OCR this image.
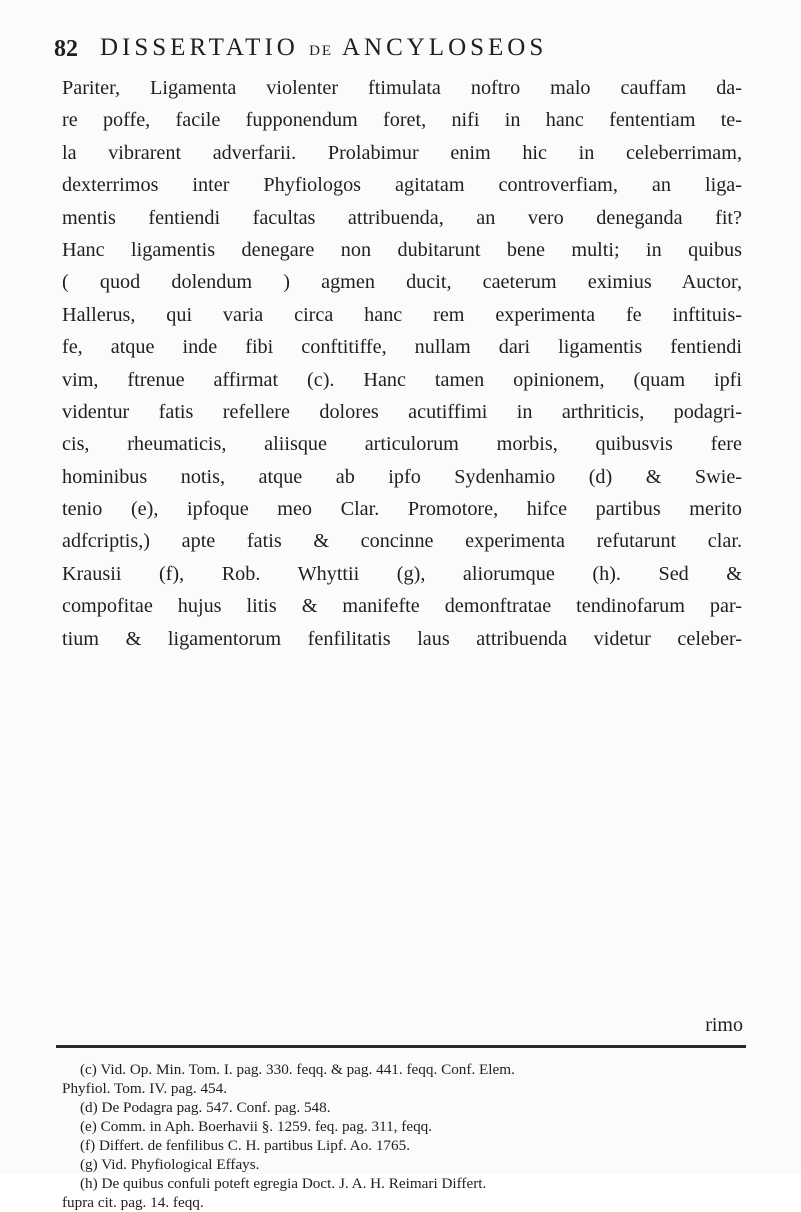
82 DISSERTATIO DE ANCYLOSEOS
Pariter, Ligamenta violenter ftimulata noftro malo cauffam da-
re poffe, facile fupponendum foret, nifi in hanc fententiam te-
la vibrarent adverfarii. Prolabimur enim hic in celeberrimam,
dexterrimos inter Phyfiologos agitatam controverfiam, an liga-
mentis fentiendi facultas attribuenda, an vero deneganda fit?
Hanc ligamentis denegare non dubitarunt bene multi; in quibus
( quod dolendum ) agmen ducit, caeterum eximius Auctor,
Hallerus, qui varia circa hanc rem experimenta fe inftituis-
fe, atque inde fibi conftitiffe, nullam dari ligamentis fentiendi
vim, ftrenue affirmat (c). Hanc tamen opinionem, (quam ipfi
videntur fatis refellere dolores acutiffimi in arthriticis, podagri-
cis, rheumaticis, aliisque articulorum morbis, quibusvis fere
hominibus notis, atque ab ipfo Sydenhamio (d) & Swie-
tenio (e), ipfoque meo Clar. Promotore, hifce partibus merito
adfcriptis,) apte fatis & concinne experimenta refutarunt clar.
Krausii (f), Rob. Whyttii (g), aliorumque (h). Sed &
compofitae hujus litis & manifefte demonftratae tendinofarum par-
tium & ligamentorum fenfilitatis laus attribuenda videtur celeber-
rimo
(c) Vid. Op. Min. Tom. I. pag. 330. feqq. & pag. 441. feqq. Conf. Elem.
Phyfiol. Tom. IV. pag. 454.
(d) De Podagra pag. 547. Conf. pag. 548.
(e) Comm. in Aph. Boerhavii §. 1259. feq. pag. 311, feqq.
(f) Differt. de fenfilibus C. H. partibus Lipf. Ao. 1765.
(g) Vid. Phyfiological Effays.
(h) De quibus confuli poteft egregia Doct. J. A. H. Reimari Differt.
fupra cit. pag. 14. feqq.
